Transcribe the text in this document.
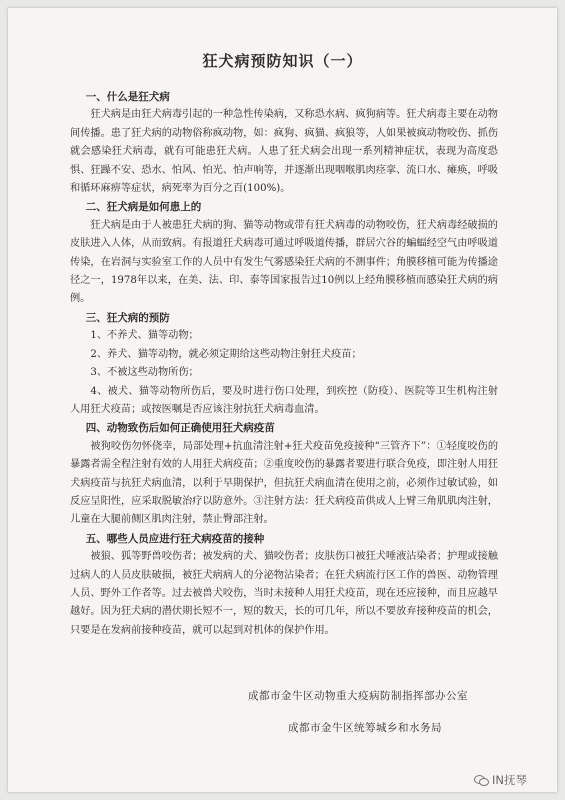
狂犬病预防知识（一）

一、什么是狂犬病

狂犬病是由狂犬病毒引起的一种急性传染病，又称恐水病、疯狗病等。狂犬病毒主要在动物间传播。患了狂犬病的动物俗称疯动物，如：疯狗、疯猫、疯狼等，人如果被疯动物咬伤、抓伤就会感染狂犬病毒，就有可能患狂犬病。人患了狂犬病会出现一系列精神症状，表现为高度恐惧、狂躁不安、恐水、怕风、怕光、怕声响等，并逐渐出现咽喉肌肉痉挛、流口水、瘫痪，呼吸和循环麻痹等症状，病死率为百分之百(100%)。

二、狂犬病是如何患上的

狂犬病是由于人被患狂犬病的狗、猫等动物或带有狂犬病毒的动物咬伤，狂犬病毒经破损的皮肤进入人体，从而致病。有报道狂犬病毒可通过呼吸道传播，群居穴谷的蝙蝠经空气由呼吸道传染，在岩洞与实验室工作的人员中有发生气雾感染狂犬病的不测事件；角膜移植可能为传播途径之一，1978年以来，在美、法、印、泰等国家报告过10例以上经角膜移植而感染狂犬病的病例。

三、狂犬病的预防

1、不养犬、猫等动物；

2、养犬、猫等动物，就必须定期给这些动物注射狂犬疫苗；

3、不被这些动物所伤；

4、被犬、猫等动物所伤后，要及时进行伤口处理，到疾控（防疫）、医院等卫生机构注射人用狂犬疫苗；或按医嘱是否应该注射抗狂犬病毒血清。

四、动物致伤后如何正确使用狂犬病疫苗

被狗咬伤勿怀侥幸，局部处理+抗血清注射+狂犬疫苗免疫接种“三管齐下”：①轻度咬伤的暴露者需全程注射有效的人用狂犬病疫苗；②重度咬伤的暴露者要进行联合免疫，即注射人用狂犬病疫苗与抗狂犬病血清，以利于早期保护，但抗狂犬病血清在使用之前，必须作过敏试验，如反应呈阳性，应采取脱敏治疗以防意外。③注射方法：狂犬病疫苗供成人上臂三角肌肌肉注射，儿童在大腿前侧区肌肉注射，禁止臀部注射。

五、哪些人员应进行狂犬病疫苗的接种

被狼、狐等野兽咬伤者；被发病的犬、猫咬伤者；皮肤伤口被狂犬唾液沾染者；护理或接触过病人的人员皮肤破损，被狂犬病病人的分泌物沾染者；在狂犬病流行区工作的兽医、动物管理人员、野外工作者等。过去被兽犬咬伤，当时未接种人用狂犬疫苗，现在还应接种，而且应越早越好。因为狂犬病的潜伏期长短不一，短的数天，长的可几年，所以不要放弃接种疫苗的机会，只要是在发病前接种疫苗，就可以起到对机体的保护作用。

成都市金牛区动物重大疫病防制指挥部办公室
成都市金牛区统筹城乡和水务局
IN抚琴
